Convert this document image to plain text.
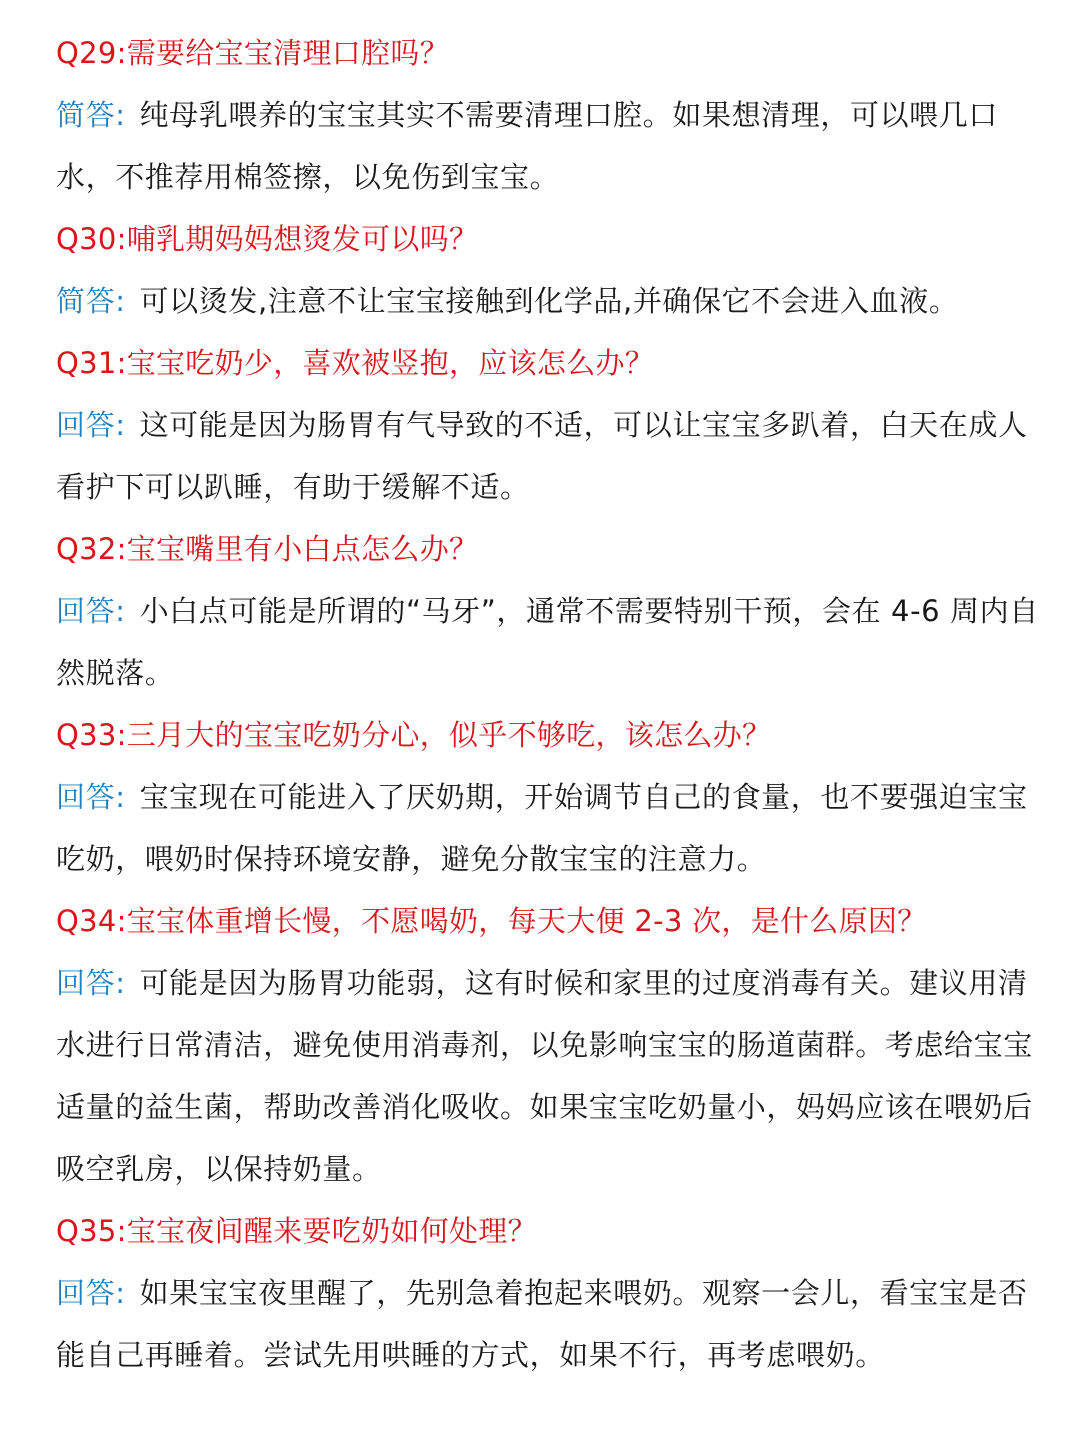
Q29:需要给宝宝清理口腔吗？

简答: 纯母乳喂养的宝宝其实不需要清理口腔。如果想清理，可以喂几口水，不推荐用棉签擦，以免伤到宝宝。

Q30:哺乳期妈妈想烫发可以吗？

简答: 可以烫发,注意不让宝宝接触到化学品,并确保它不会进入血液。

Q31:宝宝吃奶少，喜欢被竖抱，应该怎么办？

回答: 这可能是因为肠胃有气导致的不适，可以让宝宝多趴着，白天在成人看护下可以趴睡，有助于缓解不适。

Q32:宝宝嘴里有小白点怎么办？

回答: 小白点可能是所谓的“马牙”，通常不需要特别干预，会在 4-6 周内自然脱落。

Q33:三月大的宝宝吃奶分心，似乎不够吃，该怎么办？

回答: 宝宝现在可能进入了厌奶期，开始调节自己的食量，也不要强迫宝宝吃奶，喂奶时保持环境安静，避免分散宝宝的注意力。

Q34:宝宝体重增长慢，不愿喝奶，每天大便 2-3 次，是什么原因？

回答: 可能是因为肠胃功能弱，这有时候和家里的过度消毒有关。建议用清水进行日常清洁，避免使用消毒剂，以免影响宝宝的肠道菌群。考虑给宝宝适量的益生菌，帮助改善消化吸收。如果宝宝吃奶量小，妈妈应该在喂奶后吸空乳房，以保持奶量。

Q35:宝宝夜间醒来要吃奶如何处理？

回答: 如果宝宝夜里醒了，先别急着抱起来喂奶。观察一会儿，看宝宝是否能自己再睡着。尝试先用哄睡的方式，如果不行，再考虑喂奶。
